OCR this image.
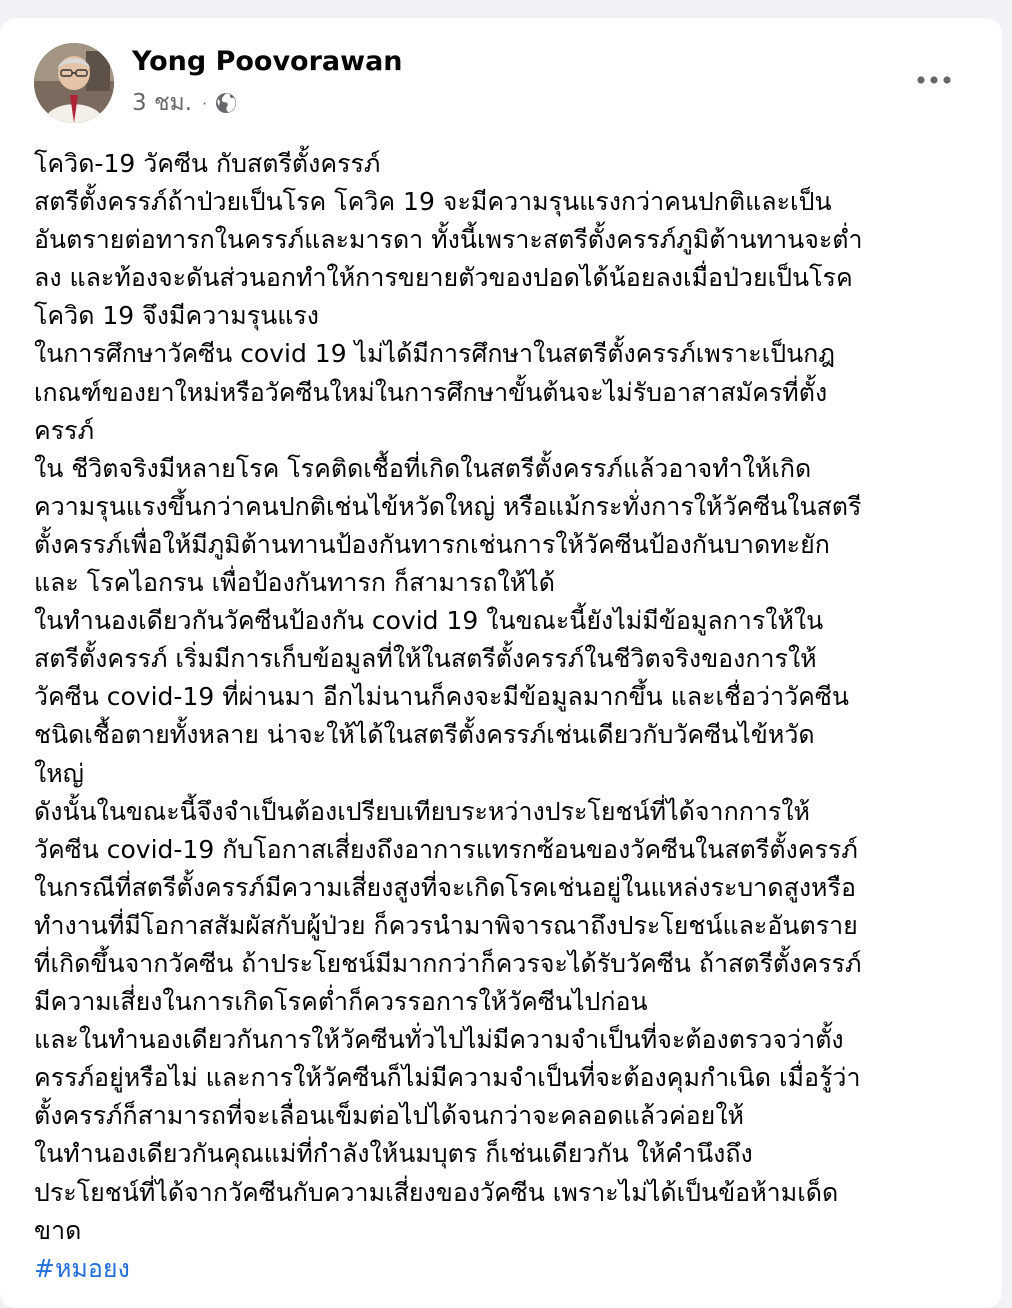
Yong Poovorawan
3 ชม. ·
โควิด-19 วัคซีน กับสตรีตั้งครรภ์
สตรีตั้งครรภ์ถ้าป่วยเป็นโรค โควิค 19 จะมีความรุนแรงกว่าคนปกติและเป็น
อันตรายต่อทารกในครรภ์และมารดา ทั้งนี้เพราะสตรีตั้งครรภ์ภูมิต้านทานจะต่ำ
ลง และท้องจะดันส่วนอกทำให้การขยายตัวของปอดได้น้อยลงเมื่อป่วยเป็นโรค
โควิด 19 จึงมีความรุนแรง
ในการศึกษาวัคซีน covid 19 ไม่ได้มีการศึกษาในสตรีตั้งครรภ์เพราะเป็นกฎ
เกณฑ์ของยาใหม่หรือวัคซีนใหม่ในการศึกษาขั้นต้นจะไม่รับอาสาสมัครที่ตั้ง
ครรภ์
ใน ชีวิตจริงมีหลายโรค โรคติดเชื้อที่เกิดในสตรีตั้งครรภ์แล้วอาจทำให้เกิด
ความรุนแรงขึ้นกว่าคนปกติเช่นไข้หวัดใหญ่ หรือแม้กระทั่งการให้วัคซีนในสตรี
ตั้งครรภ์เพื่อให้มีภูมิต้านทานป้องกันทารกเช่นการให้วัคซีนป้องกันบาดทะยัก
และ โรคไอกรน เพื่อป้องกันทารก ก็สามารถให้ได้
ในทำนองเดียวกันวัคซีนป้องกัน covid 19 ในขณะนี้ยังไม่มีข้อมูลการให้ใน
สตรีตั้งครรภ์ เริ่มมีการเก็บข้อมูลที่ให้ในสตรีตั้งครรภ์ในชีวิตจริงของการให้
วัคซีน covid-19 ที่ผ่านมา อีกไม่นานก็คงจะมีข้อมูลมากขึ้น และเชื่อว่าวัคซีน
ชนิดเชื้อตายทั้งหลาย น่าจะให้ได้ในสตรีตั้งครรภ์เช่นเดียวกับวัคซีนไข้หวัด
ใหญ่
ดังนั้นในขณะนี้จึงจำเป็นต้องเปรียบเทียบระหว่างประโยชน์ที่ได้จากการให้
วัคซีน covid-19 กับโอกาสเสี่ยงถึงอาการแทรกซ้อนของวัคซีนในสตรีตั้งครรภ์
ในกรณีที่สตรีตั้งครรภ์มีความเสี่ยงสูงที่จะเกิดโรคเช่นอยู่ในแหล่งระบาดสูงหรือ
ทำงานที่มีโอกาสสัมผัสกับผู้ป่วย ก็ควรนำมาพิจารณาถึงประโยชน์และอันตราย
ที่เกิดขึ้นจากวัคซีน ถ้าประโยชน์มีมากกว่าก็ควรจะได้รับวัคซีน ถ้าสตรีตั้งครรภ์
มีความเสี่ยงในการเกิดโรคต่ำก็ควรรอการให้วัคซีนไปก่อน
และในทำนองเดียวกันการให้วัคซีนทั่วไปไม่มีความจำเป็นที่จะต้องตรวจว่าตั้ง
ครรภ์อยู่หรือไม่ และการให้วัคซีนก็ไม่มีความจำเป็นที่จะต้องคุมกำเนิด เมื่อรู้ว่า
ตั้งครรภ์ก็สามารถที่จะเลื่อนเข็มต่อไปได้จนกว่าจะคลอดแล้วค่อยให้
ในทำนองเดียวกันคุณแม่ที่กำลังให้นมบุตร ก็เช่นเดียวกัน ให้คำนึงถึง
ประโยชน์ที่ได้จากวัคซีนกับความเสี่ยงของวัคซีน เพราะไม่ได้เป็นข้อห้ามเด็ด
ขาด
#หมอยง
